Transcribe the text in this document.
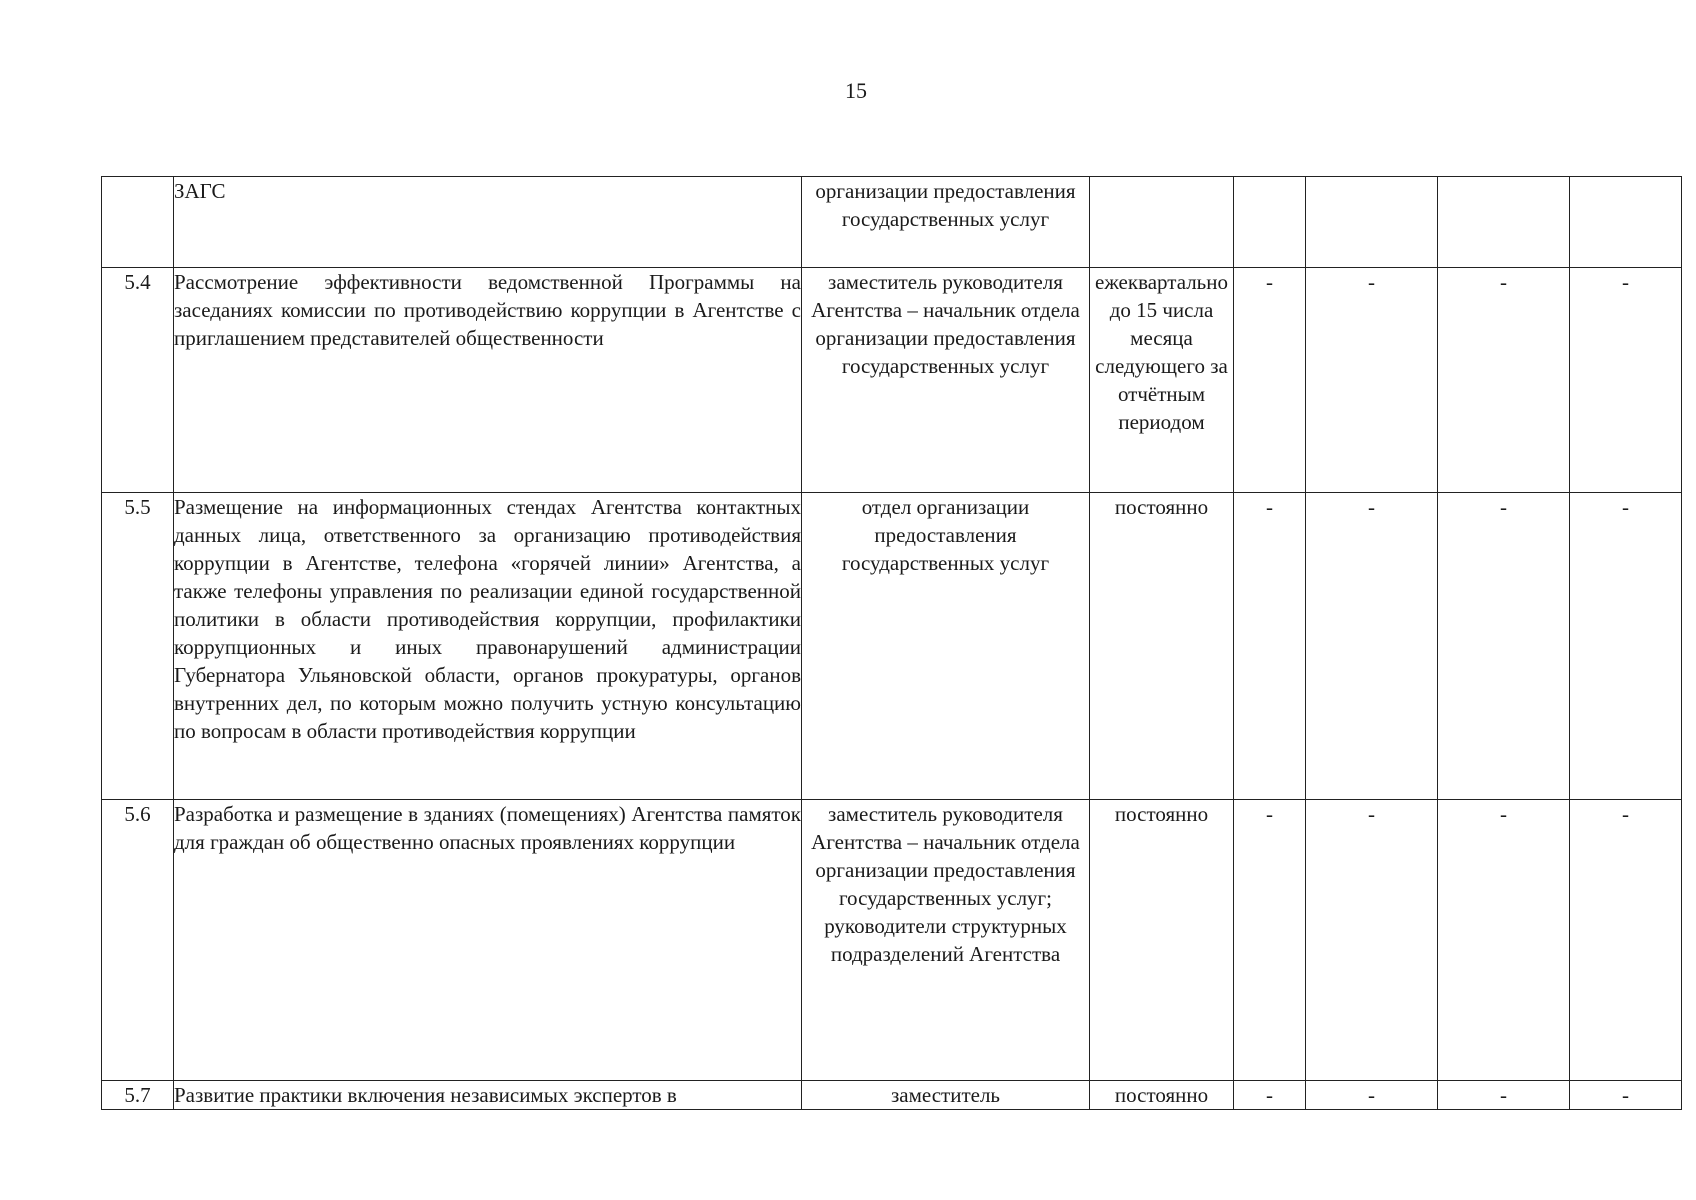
15
	ЗАГС	организации предоставления государственных услуг					
5.4	Рассмотрение эффективности ведомственной Программы на заседаниях комиссии по противодействию коррупции в Агентстве с приглашением представителей общественности	заместитель руководителя Агентства – начальник отдела организации предоставления государственных услуг	ежеквартально до 15 числа месяца следующего за отчётным периодом	-	-	-	-
5.5	Размещение на информационных стендах Агентства контактных данных лица, ответственного за организацию противодействия коррупции в Агентстве, телефона «горячей линии» Агентства, а также телефоны управления по реализации единой государственной политики в области противодействия коррупции, профилактики коррупционных и иных правонарушений администрации Губернатора Ульяновской области, органов прокуратуры, органов внутренних дел, по которым можно получить устную консультацию по вопросам в области противодействия коррупции	отдел организации предоставления государственных услуг	постоянно	-	-	-	-
5.6	Разработка и размещение в зданиях (помещениях) Агентства памяток для граждан об общественно опасных проявлениях коррупции	заместитель руководителя Агентства – начальник отдела организации предоставления государственных услуг; руководители структурных подразделений Агентства	постоянно	-	-	-	-
5.7	Развитие практики включения независимых экспертов в	заместитель	постоянно	-	-	-	-
